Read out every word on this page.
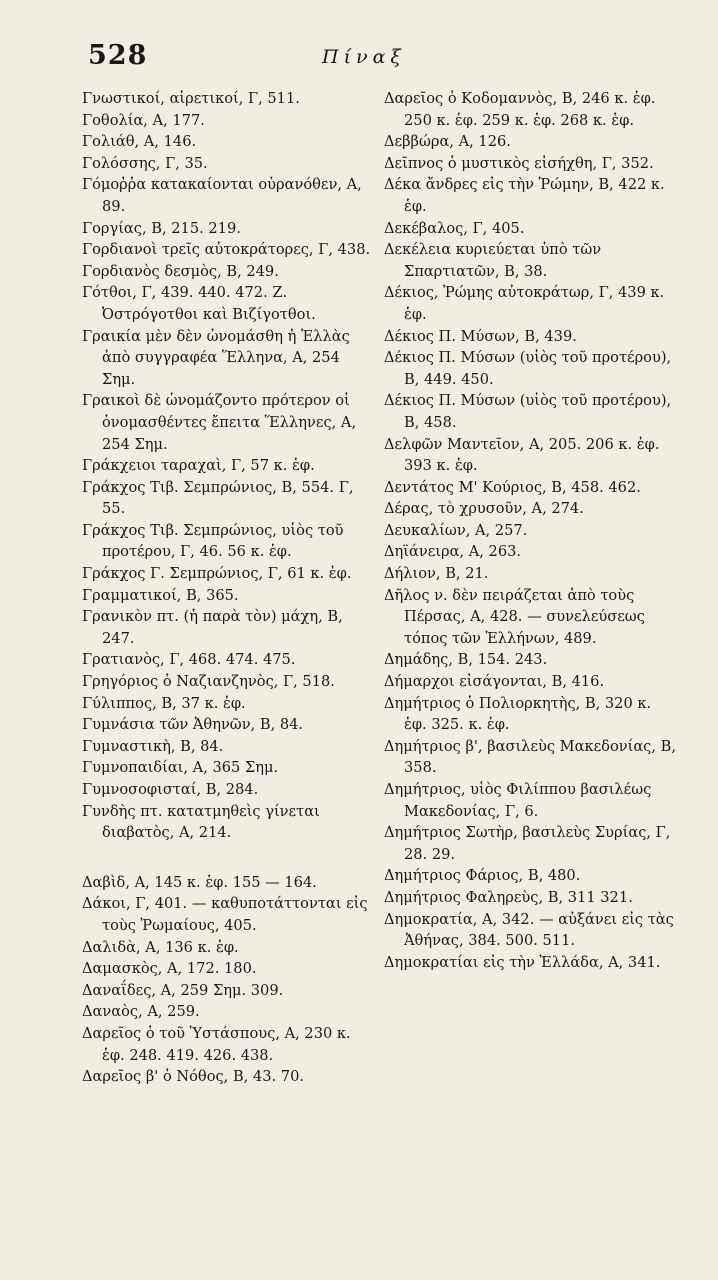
528	Πίναξ
Γνωστικοί, αἱρετικοί, Γ, 511.
Γοθολία, Α, 177.
Γολιάθ, Α, 146.
Γολόσσης, Γ, 35.
Γόμοῤῥα κατακαίονται οὐρανόθεν, Α, 89.
Γοργίας, Β, 215. 219.
Γορδιανοὶ τρεῖς αὐτοκράτορες, Γ, 438.
Γορδιανὸς δεσμὸς, Β, 249.
Γότθοι, Γ, 439. 440. 472. Ζ. Ὀστρόγοτθοι καὶ Βιζίγοτθοι.
Γραικία μὲν δὲν ὠνομάσθη ἡ Ἑλλὰς ἀπὸ συγγραφέα Ἕλληνα, Α, 254 Σημ.
Γραικοὶ δὲ ὠνομάζοντο πρότερον οἱ ὀνομασθέντες ἔπειτα Ἕλληνες, Α, 254 Σημ.
Γράκχειοι ταραχαὶ, Γ, 57 κ. ἑφ.
Γράκχος Τιβ. Σεμπρώνιος, Β, 554. Γ, 55.
Γράκχος Τιβ. Σεμπρώνιος, υἱὸς τοῦ προτέρου, Γ, 46. 56 κ. ἑφ.
Γράκχος Γ. Σεμπρώνιος, Γ, 61 κ. ἑφ.
Γραμματικοί, Β, 365.
Γρανικὸν πτ. (ἡ παρὰ τὸν) μάχη, Β, 247.
Γρατιανὸς, Γ, 468. 474. 475.
Γρηγόριος ὁ Ναζιανζηνὸς, Γ, 518.
Γύλιππος, Β, 37 κ. ἑφ.
Γυμνάσια τῶν Ἀθηνῶν, Β, 84.
Γυμναστικὴ, Β, 84.
Γυμνοπαιδίαι, Α, 365 Σημ.
Γυμνοσοφισταί, Β, 284.
Γυνδὴς πτ. κατατμηθεὶς γίνεται διαβατὸς, Α, 214.
Δαβὶδ, Α, 145 κ. ἑφ. 155 — 164.
Δάκοι, Γ, 401. — καθυποτάττονται εἰς τοὺς Ῥωμαίους, 405.
Δαλιδὰ, Α, 136 κ. ἑφ.
Δαμασκὸς, Α, 172. 180.
Δαναΐδες, Α, 259 Σημ. 309.
Δαναὸς, Α, 259.
Δαρεῖος ὁ τοῦ Ὑστάσπους, Α, 230 κ. ἑφ. 248. 419. 426. 438.
Δαρεῖος β' ὁ Νόθος, Β, 43. 70.
Δαρεῖος ὁ Κοδομαννὸς, Β, 246 κ. ἑφ. 250 κ. ἑφ. 259 κ. ἑφ. 268 κ. ἑφ.
Δεββώρα, Α, 126.
Δεῖπνος ὁ μυστικὸς εἰσήχθη, Γ, 352.
Δέκα ἄνδρες εἰς τὴν Ῥώμην, Β, 422 κ. ἑφ.
Δεκέβαλος, Γ, 405.
Δεκέλεια κυριεύεται ὑπὸ τῶν Σπαρτιατῶν, Β, 38.
Δέκιος, Ῥώμης αὐτοκράτωρ, Γ, 439 κ. ἑφ.
Δέκιος Π. Μύσων, Β, 439.
Δέκιος Π. Μύσων (υἱὸς τοῦ προτέρου), Β, 449. 450.
Δέκιος Π. Μύσων (υἱὸς τοῦ προτέρου), Β, 458.
Δελφῶν Μαντεῖον, Α, 205. 206 κ. ἑφ. 393 κ. ἑφ.
Δεντάτος Μ' Κούριος, Β, 458. 462.
Δέρας, τὸ χρυσοῦν, Α, 274.
Δευκαλίων, Α, 257.
Δηϊάνειρα, Α, 263.
Δήλιον, Β, 21.
Δῆλος ν. δὲν πειράζεται ἀπὸ τοὺς Πέρσας, Α, 428. — συνελεύσεως τόπος τῶν Ἑλλήνων, 489.
Δημάδης, Β, 154. 243.
Δήμαρχοι εἰσάγονται, Β, 416.
Δημήτριος ὁ Πολιορκητὴς, Β, 320 κ. ἑφ. 325. κ. ἑφ.
Δημήτριος β', βασιλεὺς Μακεδονίας, Β, 358.
Δημήτριος, υἱὸς Φιλίππου βασιλέως Μακεδονίας, Γ, 6.
Δημήτριος Σωτὴρ, βασιλεὺς Συρίας, Γ, 28. 29.
Δημήτριος Φάριος, Β, 480.
Δημήτριος Φαληρεὺς, Β, 311 321.
Δημοκρατία, Α, 342. — αὐξάνει εἰς τὰς Ἀθήνας, 384. 500. 511.
Δημοκρατίαι εἰς τὴν Ἑλλάδα, Α, 341.
